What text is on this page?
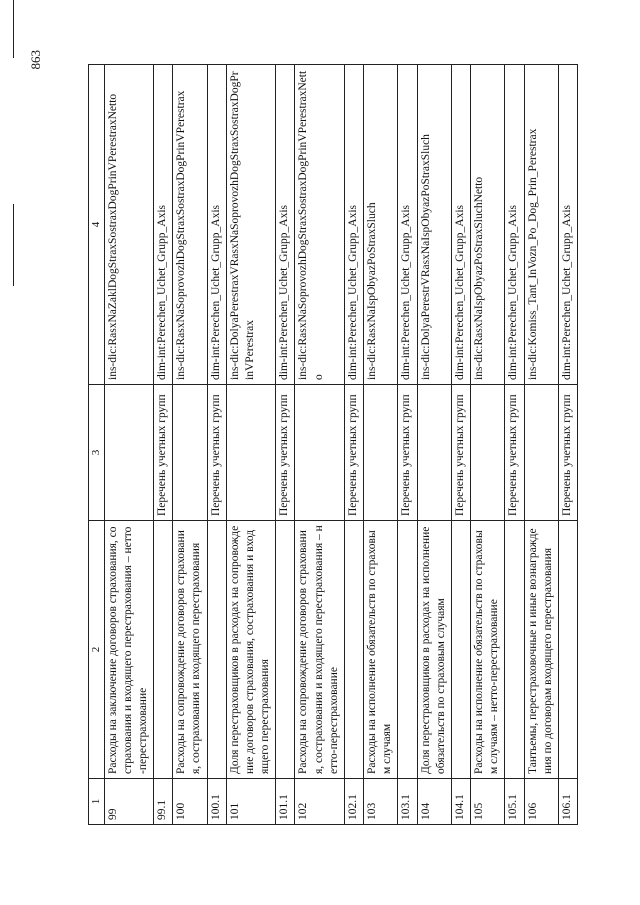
863
1	2	3	4
99	Расходы на заключение договоров страхования, сострахования и входящего перестрахования – нетто-перестрахование		ins-dic:RasxNaZaklDogStraxSostraxDogPrinVPerestraxNetto
99.1		Перечень учетных групп	dim-int:Perechen_Uchet_Grupp_Axis
100	Расходы на сопровождение договоров страхования, сострахования и входящего перестрахования		ins-dic:RasxNaSoprovozhDogStraxSostraxDogPrinVPerestrax
100.1		Перечень учетных групп	dim-int:Perechen_Uchet_Grupp_Axis
101	Доля перестраховщиков в расходах на сопровождение договоров страхования, сострахования и входящего перестрахования		ins-dic:DolyaPerestraxVRasxNaSoprovozhDogStraxSostraxDogPrinVPerestrax
101.1		Перечень учетных групп	dim-int:Perechen_Uchet_Grupp_Axis
102	Расходы на сопровождение договоров страхования, сострахования и входящего перестрахования – нетто-перестрахование		ins-dic:RasxNaSoprovozhDogStraxSostraxDogPrinVPerestraxNetto
102.1		Перечень учетных групп	dim-int:Perechen_Uchet_Grupp_Axis
103	Расходы на исполнение обязательств по страховым случаям		ins-dic:RasxNaIspObyazPoStraxSluch
103.1		Перечень учетных групп	dim-int:Perechen_Uchet_Grupp_Axis
104	Доля перестраховщиков в расходах на исполнение обязательств по страховым случаям		ins-dic:DolyaPerestrVRasxNaIspObyazPoStraxSluch
104.1		Перечень учетных групп	dim-int:Perechen_Uchet_Grupp_Axis
105	Расходы на исполнение обязательств по страховым случаям – нетто-перестрахование		ins-dic:RasxNaIspObyazPoStraxSluchNetto
105.1		Перечень учетных групп	dim-int:Perechen_Uchet_Grupp_Axis
106	Тантьемы, перестраховочные и иные вознаграждения по договорам входящего перестрахования		ins-dic:Komiss_Tant_InVozn_Po_Dog_Prin_Perestrax
106.1		Перечень учетных групп	dim-int:Perechen_Uchet_Grupp_Axis
